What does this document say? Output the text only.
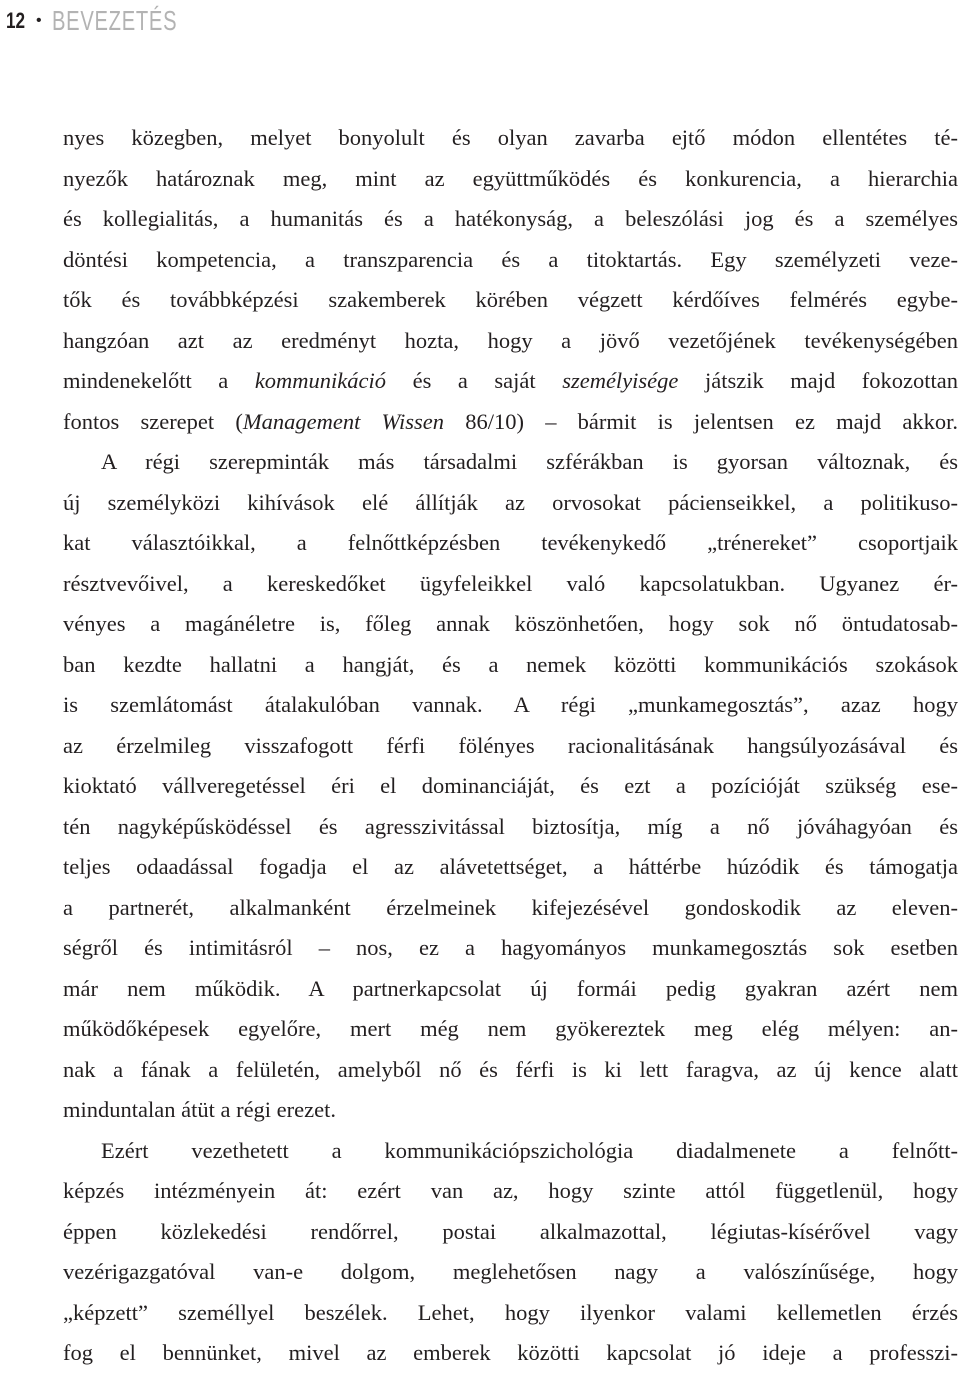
12 • BEVEZETÉS
nyes közegben, melyet bonyolult és olyan zavarba ejtő módon ellentétes té-
nyezők határoznak meg, mint az együttműködés és konkurencia, a hierarchia
és kollegialitás, a humanitás és a hatékonyság, a beleszólási jog és a személyes
döntési kompetencia, a transzparencia és a titoktartás. Egy személyzeti veze-
tők és továbbképzési szakemberek körében végzett kérdőíves felmérés egybe-
hangzóan azt az eredményt hozta, hogy a jövő vezetőjének tevékenységében
mindenekelőtt a kommunikáció és a saját személyisége játszik majd fokozottan
fontos szerepet (Management Wissen 86/10) – bármit is jelentsen ez majd akkor.
A régi szerepminták más társadalmi szférákban is gyorsan változnak, és
új személyközi kihívások elé állítják az orvosokat pácienseikkel, a politikuso-
kat választóikkal, a felnőttképzésben tevékenykedő „trénereket” csoportjaik
résztvevőivel, a kereskedőket ügyfeleikkel való kapcsolatukban. Ugyanez ér-
vényes a magánéletre is, főleg annak köszönhetően, hogy sok nő öntudatosab-
ban kezdte hallatni a hangját, és a nemek közötti kommunikációs szokások
is szemlátomást átalakulóban vannak. A régi „munkamegosztás”, azaz hogy
az érzelmileg visszafogott férfi fölényes racionalitásának hangsúlyozásával és
kioktató vállveregetéssel éri el dominanciáját, és ezt a pozícióját szükség ese-
tén nagyképűsködéssel és agresszivitással biztosítja, míg a nő jóváhagyóan és
teljes odaadással fogadja el az alávetettséget, a háttérbe húzódik és támogatja
a partnerét, alkalmanként érzelmeinek kifejezésével gondoskodik az eleven-
ségről és intimitásról – nos, ez a hagyományos munkamegosztás sok esetben
már nem működik. A partnerkapcsolat új formái pedig gyakran azért nem
működőképesek egyelőre, mert még nem gyökereztek meg elég mélyen: an-
nak a fának a felületén, amelyből nő és férfi is ki lett faragva, az új kence alatt
minduntalan átüt a régi erezet.
Ezért vezethetett a kommunikációpszichológia diadalmenete a felnőtt-
képzés intézményein át: ezért van az, hogy szinte attól függetlenül, hogy
éppen közlekedési rendőrrel, postai alkalmazottal, légiutas-kísérővel vagy
vezérigazgatóval van-e dolgom, meglehetősen nagy a valószínűsége, hogy
„képzett” személlyel beszélek. Lehet, hogy ilyenkor valami kellemetlen érzés
fog el bennünket, mivel az emberek közötti kapcsolat jó ideje a professzi-
